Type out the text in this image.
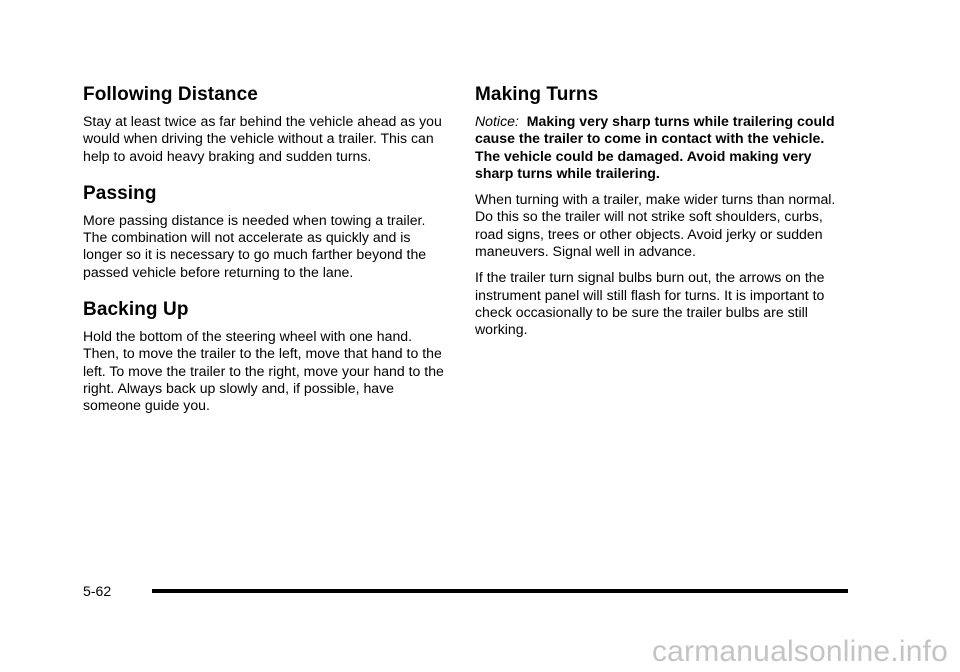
Following Distance

Stay at least twice as far behind the vehicle ahead as you would when driving the vehicle without a trailer. This can help to avoid heavy braking and sudden turns.

Passing

More passing distance is needed when towing a trailer. The combination will not accelerate as quickly and is longer so it is necessary to go much farther beyond the passed vehicle before returning to the lane.

Backing Up

Hold the bottom of the steering wheel with one hand. Then, to move the trailer to the left, move that hand to the left. To move the trailer to the right, move your hand to the right. Always back up slowly and, if possible, have someone guide you.

Making Turns

Notice: Making very sharp turns while trailering could cause the trailer to come in contact with the vehicle. The vehicle could be damaged. Avoid making very sharp turns while trailering.

When turning with a trailer, make wider turns than normal. Do this so the trailer will not strike soft shoulders, curbs, road signs, trees or other objects. Avoid jerky or sudden maneuvers. Signal well in advance.

If the trailer turn signal bulbs burn out, the arrows on the instrument panel will still flash for turns. It is important to check occasionally to be sure the trailer bulbs are still working.

5-62
carmanualsonline.info
